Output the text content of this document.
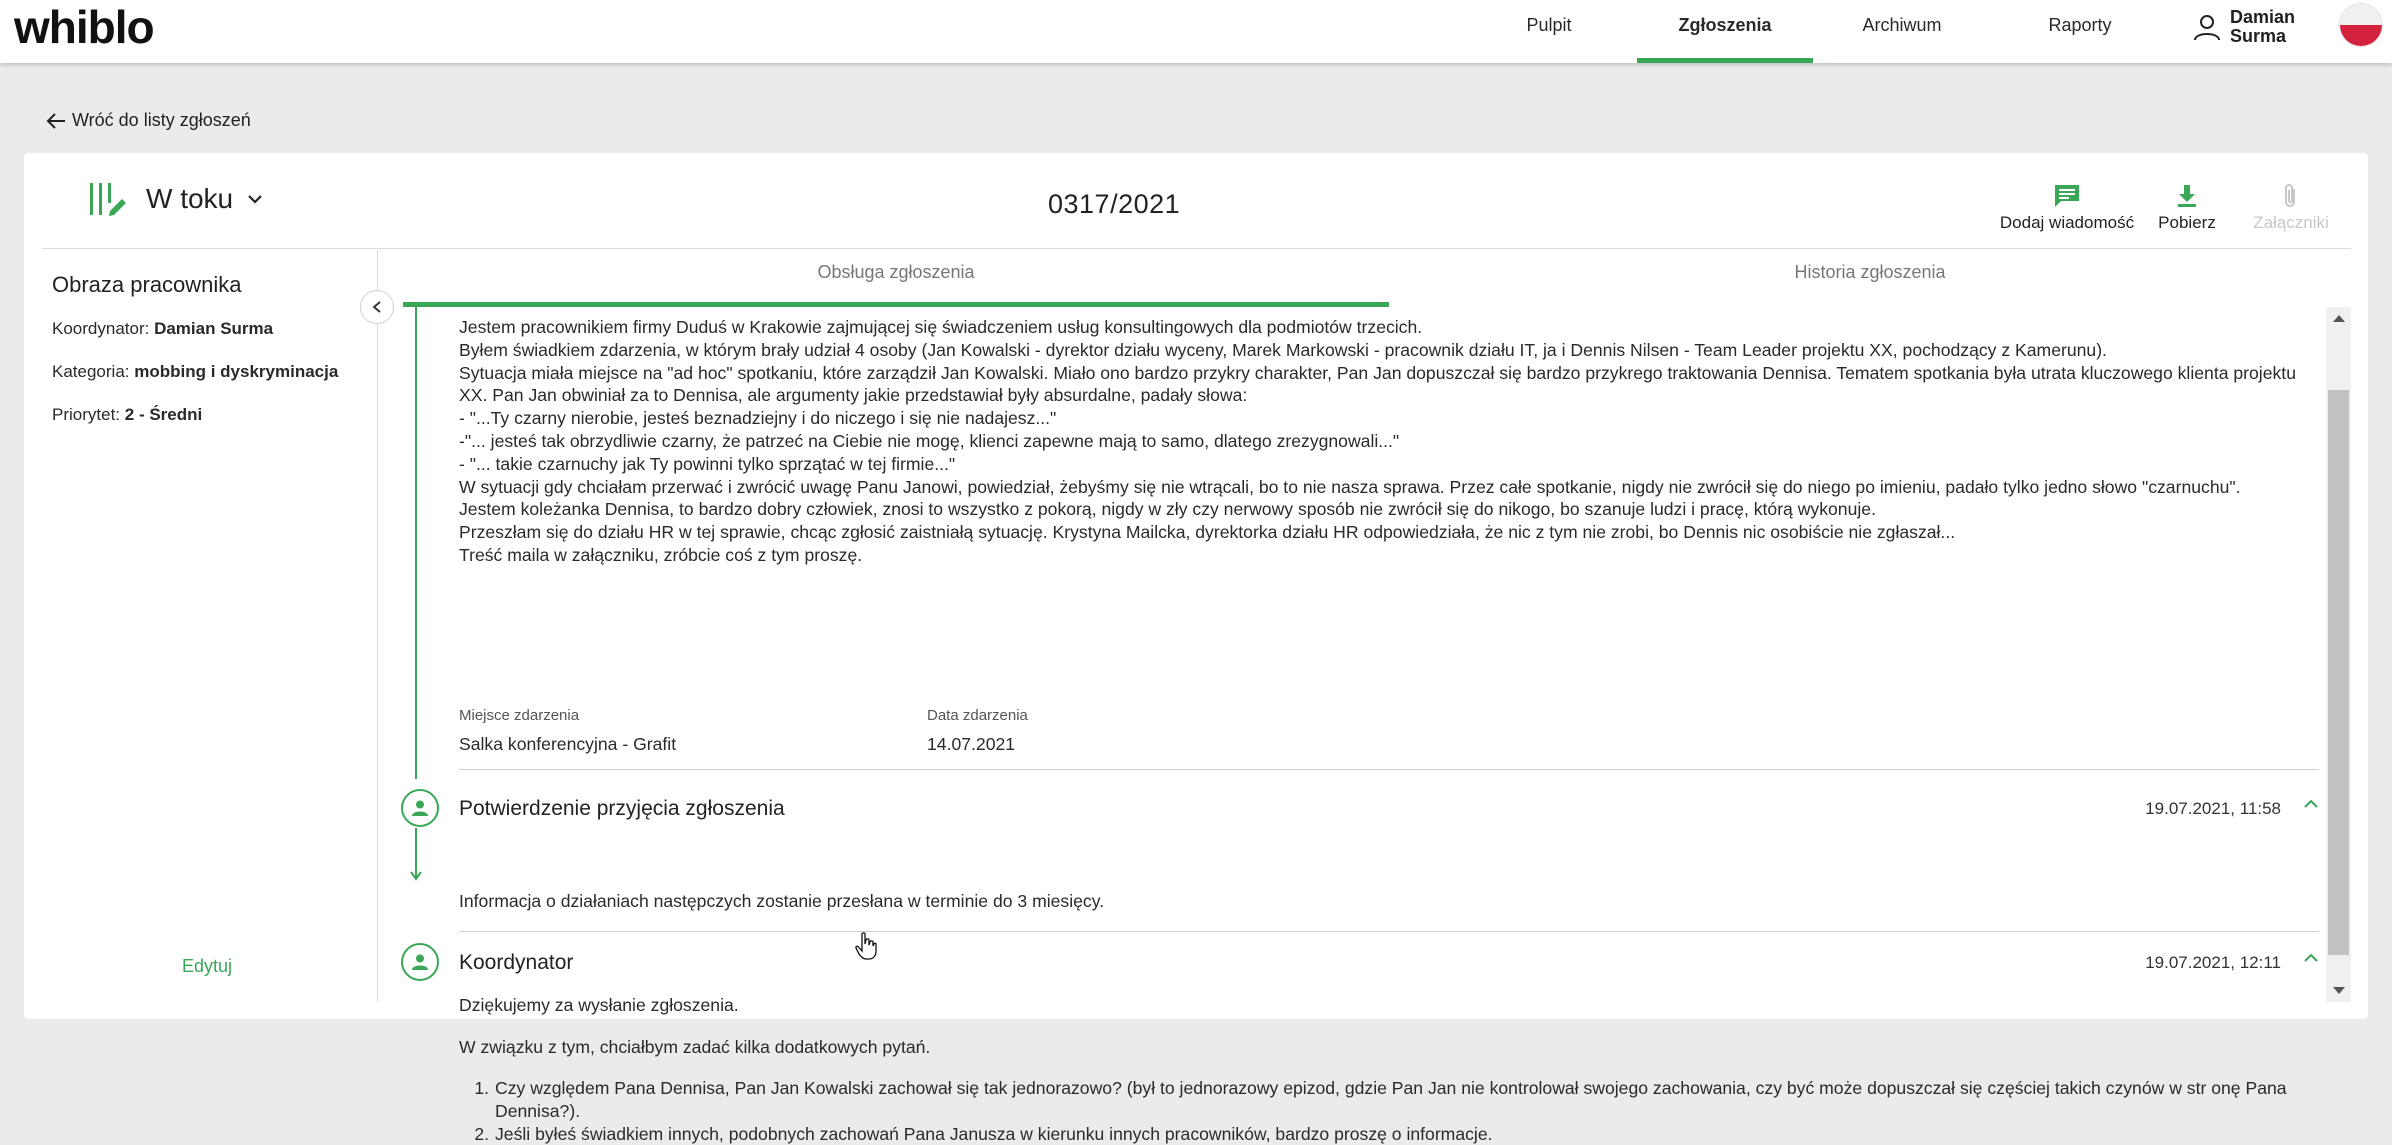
whiblo	Pulpit	Zgłoszenia	Archiwum	Raporty	Damian
Surma
Wróć do listy zgłoszeń
W toku	0317/2021
Dodaj wiadomość	Pobierz	Załączniki
Obraza pracownika
Koordynator: Damian Surma
Kategoria: mobbing i dyskryminacja
Priorytet: 2 - Średni
Edytuj
Obsługa zgłoszenia	Historia zgłoszenia
Jestem pracownikiem firmy Duduś w Krakowie zajmującej się świadczeniem usług konsultingowych dla podmiotów trzecich.
Byłem świadkiem zdarzenia, w którym brały udział 4 osoby (Jan Kowalski - dyrektor działu wyceny, Marek Markowski - pracownik działu IT, ja i Dennis Nilsen - Team Leader projektu XX, pochodzący z Kamerunu).
Sytuacja miała miejsce na "ad hoc" spotkaniu, które zarządził Jan Kowalski. Miało ono bardzo przykry charakter, Pan Jan dopuszczał się bardzo przykrego traktowania Dennisa. Tematem spotkania była utrata kluczowego klienta projektu XX. Pan Jan obwiniał za to Dennisa, ale argumenty jakie przedstawiał były absurdalne, padały słowa:
- "...Ty czarny nierobie, jesteś beznadziejny i do niczego i się nie nadajesz..."
-"... jesteś tak obrzydliwie czarny, że patrzeć na Ciebie nie mogę, klienci zapewne mają to samo, dlatego zrezygnowali..."
- "... takie czarnuchy jak Ty powinni tylko sprzątać w tej firmie..."
W sytuacji gdy chciałam przerwać i zwrócić uwagę Panu Janowi, powiedział, żebyśmy się nie wtrącali, bo to nie nasza sprawa. Przez całe spotkanie, nigdy nie zwrócił się do niego po imieniu, padało tylko jedno słowo "czarnuchu".
Jestem koleżanka Dennisa, to bardzo dobry człowiek, znosi to wszystko z pokorą, nigdy w zły czy nerwowy sposób nie zwrócił się do nikogo, bo szanuje ludzi i pracę, którą wykonuje.
Przeszłam się do działu HR w tej sprawie, chcąc zgłosić zaistniałą sytuację. Krystyna Mailcka, dyrektorka działu HR odpowiedziała, że nic z tym nie zrobi, bo Dennis nic osobiście nie zgłaszał...
Treść maila w załączniku, zróbcie coś z tym proszę.
Miejsce zdarzenia
Salka konferencyjna - Grafit
Data zdarzenia
14.07.2021
Potwierdzenie przyjęcia zgłoszenia	19.07.2021, 11:58
Informacja o działaniach następczych zostanie przesłana w terminie do 3 miesięcy.
Koordynator	19.07.2021, 12:11
Dziękujemy za wysłanie zgłoszenia.
W związku z tym, chciałbym zadać kilka dodatkowych pytań.
1. Czy względem Pana Dennisa, Pan Jan Kowalski zachował się tak jednorazowo? (był to jednorazowy epizod, gdzie Pan Jan nie kontrolował swojego zachowania, czy być może dopuszczał się częściej takich czynów w str onę Pana Dennisa?).
2. Jeśli byłeś świadkiem innych, podobnych zachowań Pana Janusza w kierunku innych pracowników, bardzo proszę o informacje.
